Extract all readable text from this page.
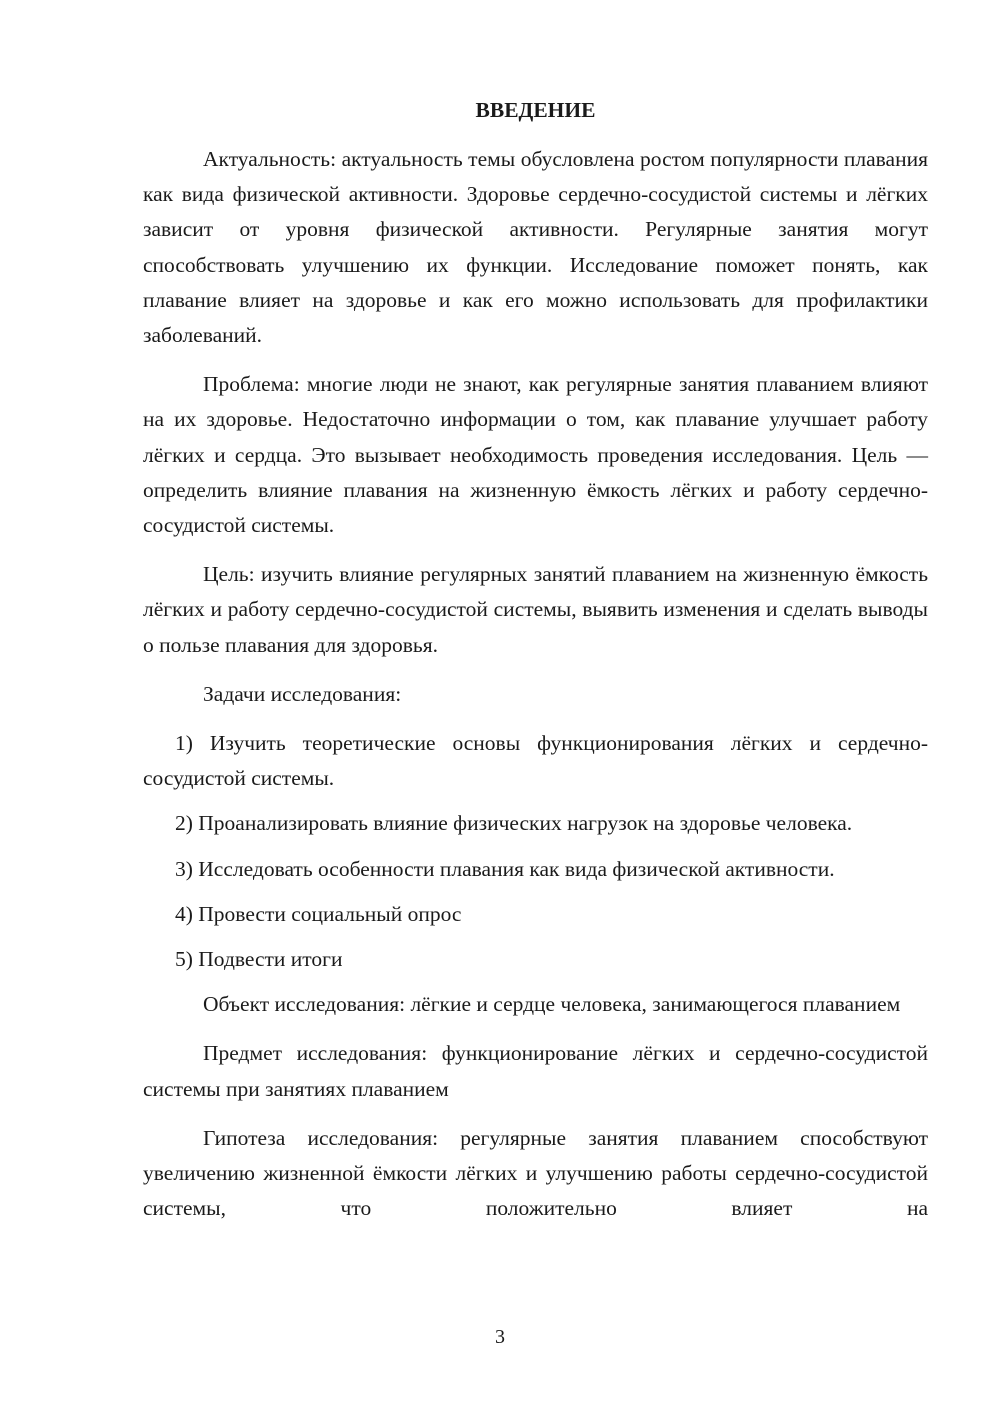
ВВЕДЕНИЕ

Актуальность: актуальность темы обусловлена ростом популярности плавания как вида физической активности. Здоровье сердечно-сосудистой системы и лёгких зависит от уровня физической активности. Регулярные занятия могут способствовать улучшению их функции. Исследование поможет понять, как плавание влияет на здоровье и как его можно использовать для профилактики заболеваний.

Проблема: многие люди не знают, как регулярные занятия плаванием влияют на их здоровье. Недостаточно информации о том, как плавание улучшает работу лёгких и сердца. Это вызывает необходимость проведения исследования. Цель — определить влияние плавания на жизненную ёмкость лёгких и работу сердечно-сосудистой системы.

Цель: изучить влияние регулярных занятий плаванием на жизненную ёмкость лёгких и работу сердечно-сосудистой системы, выявить изменения и сделать выводы о пользе плавания для здоровья.

Задачи исследования:

1) Изучить теоретические основы функционирования лёгких и сердечно-сосудистой системы.

2) Проанализировать влияние физических нагрузок на здоровье человека.

3) Исследовать особенности плавания как вида физической активности.

4) Провести социальный опрос

5) Подвести итоги

Объект исследования: лёгкие и сердце человека, занимающегося плаванием

Предмет исследования: функционирование лёгких и сердечно-сосудистой системы при занятиях плаванием

Гипотеза исследования: регулярные занятия плаванием способствуют увеличению жизненной ёмкости лёгких и улучшению работы сердечно-сосудистой системы, что положительно влияет на

3
